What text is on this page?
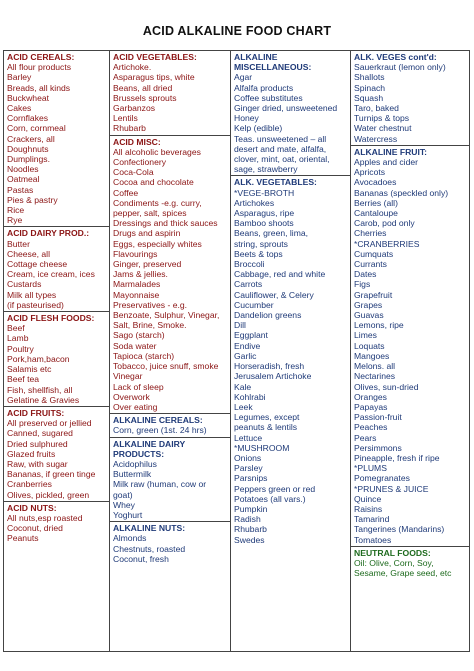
ACID ALKALINE FOOD CHART
ACID CEREALS:
All flour products
Barley
Breads, all kinds
Buckwheat
Cakes
Cornflakes
Corn, cornmeal
Crackers, all
Doughnuts
Dumplings.
Noodles
Oatmeal
Pastas
Pies & pastry
Rice
Rye
ACID DAIRY PROD.:
Butter
Cheese, all
Cottage cheese
Cream, ice cream, ices
Custards
Milk all types
(if pasteurised)
ACID FLESH FOODS:
Beef
Lamb
Poultry
Pork,ham,bacon
Salamis etc
Beef tea
Fish, shellfish, all
Gelatine & Gravies
ACID FRUITS:
All preserved or jellied
Canned, sugared
Dried sulphured
Glazed fruits
Raw, with sugar
Bananas, if green tinge
Cranberries
Olives, pickled, green
ACID NUTS:
All nuts,esp roasted
Coconut, dried
Peanuts
ACID VEGETABLES:
Artichoke.
Asparagus tips, white
Beans, all dried
Brussels sprouts
Garbanzos
Lentils
Rhubarb
ACID MISC:
All alcoholic beverages
Confectionery
Coca-Cola
Cocoa and chocolate
Coffee
Condiments -e.g. curry,
pepper, salt, spices
Dressings and thick sauces
Drugs and aspirin
Eggs, especially whites
Flavourings
Ginger, preserved
Jams & jellies.
Marmalades
Mayonnaise
Preservatives - e.g.
Benzoate, Sulphur, Vinegar,
Salt, Brine, Smoke.
Sago (starch)
Soda water
Tapioca (starch)
Tobacco, juice snuff, smoke
Vinegar
Lack of sleep
Overwork
Over eating
ALKALINE CEREALS:
Corn, green (1st. 24 hrs)
ALKALINE DAIRY PRODUCTS:
Acidophilus
Buttermilk
Milk raw (human, cow or
goat)
Whey
Yoghurt
ALKALINE NUTS:
Almonds
Chestnuts, roasted
Coconut, fresh
ALKALINE MISCELLANEOUS:
Agar
Alfalfa products
Coffee substitutes
Ginger dried, unsweetened
Honey
Kelp (edible)
Teas. unsweetened – all
desert and mate, alfalfa,
clover, mint, oat, oriental,
sage, strawberry
ALK. VEGETABLES:
*VEGE-BROTH
Artichokes
Asparagus, ripe
Bamboo shoots
Beans, green, lima,
string, sprouts
Beets & tops
Broccoli
Cabbage, red and white
Carrots
Cauliflower, & Celery
Cucumber
Dandelion greens
Dill
Eggplant
Endive
Garlic
Horseradish, fresh
Jerusalem Artichoke
Kale
Kohlrabi
Leek
Legumes, except
peanuts & lentils
Lettuce
*MUSHROOM
Onions
Parsley
Parsnips
Peppers green or red
Potatoes (all vars.)
Pumpkin
Radish
Rhubarb
Swedes
ALK. VEGES cont'd:
Sauerkraut (lemon only)
Shallots
Spinach
Squash
Taro, baked
Turnips & tops
Water chestnut
Watercress
ALKALINE FRUIT:
Apples and cider
Apricots
Avocadoes
Bananas (speckled only)
Berries (all)
Cantaloupe
Carob, pod only
Cherries
*CRANBERRIES
Cumquats
Currants
Dates
Figs
Grapefruit
Grapes
Guavas
Lemons, ripe
Limes
Loquats
Mangoes
Melons. all
Nectarines
Olives, sun-dried
Oranges
Papayas
Passion-fruit
Peaches
Pears
Persimmons
Pineapple, fresh if ripe
*PLUMS
Pomegranates
*PRUNES & JUICE
Quince
Raisins
Tamarind
Tangerines (Mandarins)
Tomatoes
NEUTRAL FOODS:
Oil: Olive, Corn, Soy,
Sesame, Grape seed, etc
